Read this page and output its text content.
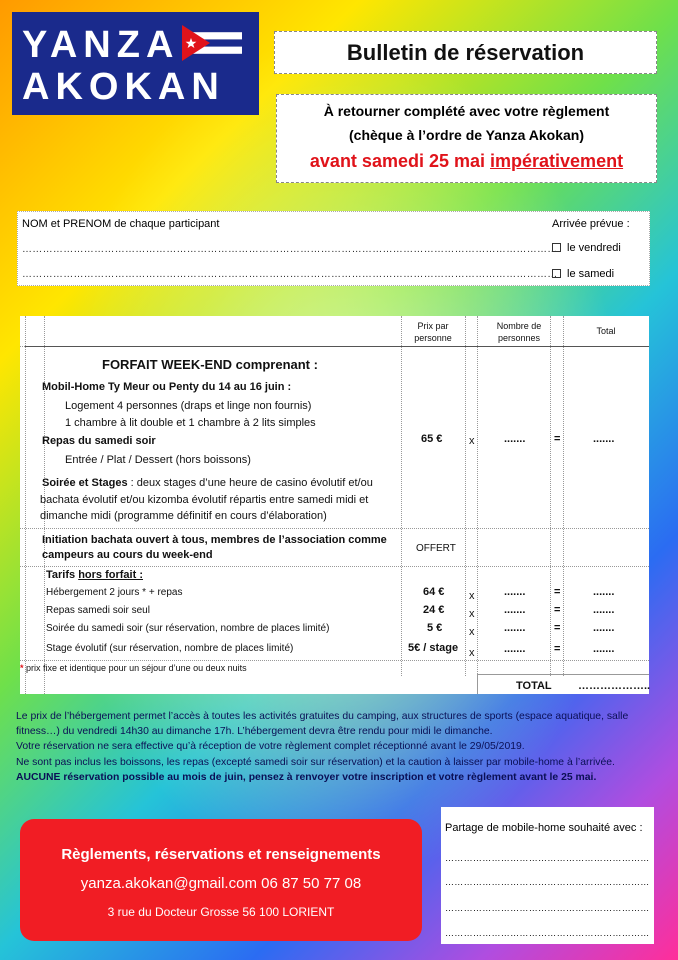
YANZA
AKOKAN
Bulletin de réservation
À retourner complété avec votre règlement
(chèque à l’ordre de Yanza Akokan)
avant samedi 25 mai impérativement
NOM et PRENOM de chaque participant
…………………………………………………………………………………………………………………………………………
…………………………………………………………………………………………………………………………………………
Arrivée prévue :
le vendredi
le samedi
Prix par personne
Nombre de personnes
Total
FORFAIT WEEK-END comprenant :
Mobil-Home Ty Meur ou Penty du 14 au 16 juin :
Logement 4 personnes (draps et linge non fournis)
1 chambre à lit double et 1 chambre à 2 lits simples
Repas du samedi soir
Entrée / Plat / Dessert (hors boissons)
Soirée et Stages : deux stages d’une heure de casino évolutif et/ou
bachata évolutif et/ou kizomba évolutif répartis entre samedi midi et
dimanche midi (programme définitif en cours d’élaboration)
65 € x	.......	=	.......
Initiation bachata ouvert à tous, membres de l’association comme
campeurs au cours du week-end
OFFERT
Tarifs hors forfait :
Hébergement 2 jours * + repas	64 € x	.......	=	.......
Repas samedi soir seul	24 € x	.......	=	.......
Soirée du samedi soir (sur réservation, nombre de places limité)	5 € x	.......	=	.......
Stage évolutif (sur réservation, nombre de places limité)	5€ / stage x	.......	=	.......
* prix fixe et identique pour un séjour d’une ou deux nuits
TOTAL ………………..

Le prix de l’hébergement permet l’accès à toutes les activités gratuites du camping, aux structures de sports (espace aquatique, salle fitness…) du vendredi 14h30 au dimanche 17h. L’hébergement devra être rendu pour midi le dimanche.

Votre réservation ne sera effective qu’à réception de votre règlement complet réceptionné avant le 29/05/2019.

Ne sont pas inclus les boissons, les repas (excepté samedi soir sur réservation) et la caution à laisser par mobile-home à l’arrivée.

AUCUNE réservation possible au mois de juin, pensez à renvoyer votre inscription et votre règlement avant le 25 mai.

Règlements, réservations et renseignements
yanza.akokan@gmail.com 06 87 50 77 08
3 rue du Docteur Grosse 56 100 LORIENT
Partage de mobile-home souhaité avec :
…………………………………………………………
…………………………………………………………
…………………………………………………………
…………………………………………………………
